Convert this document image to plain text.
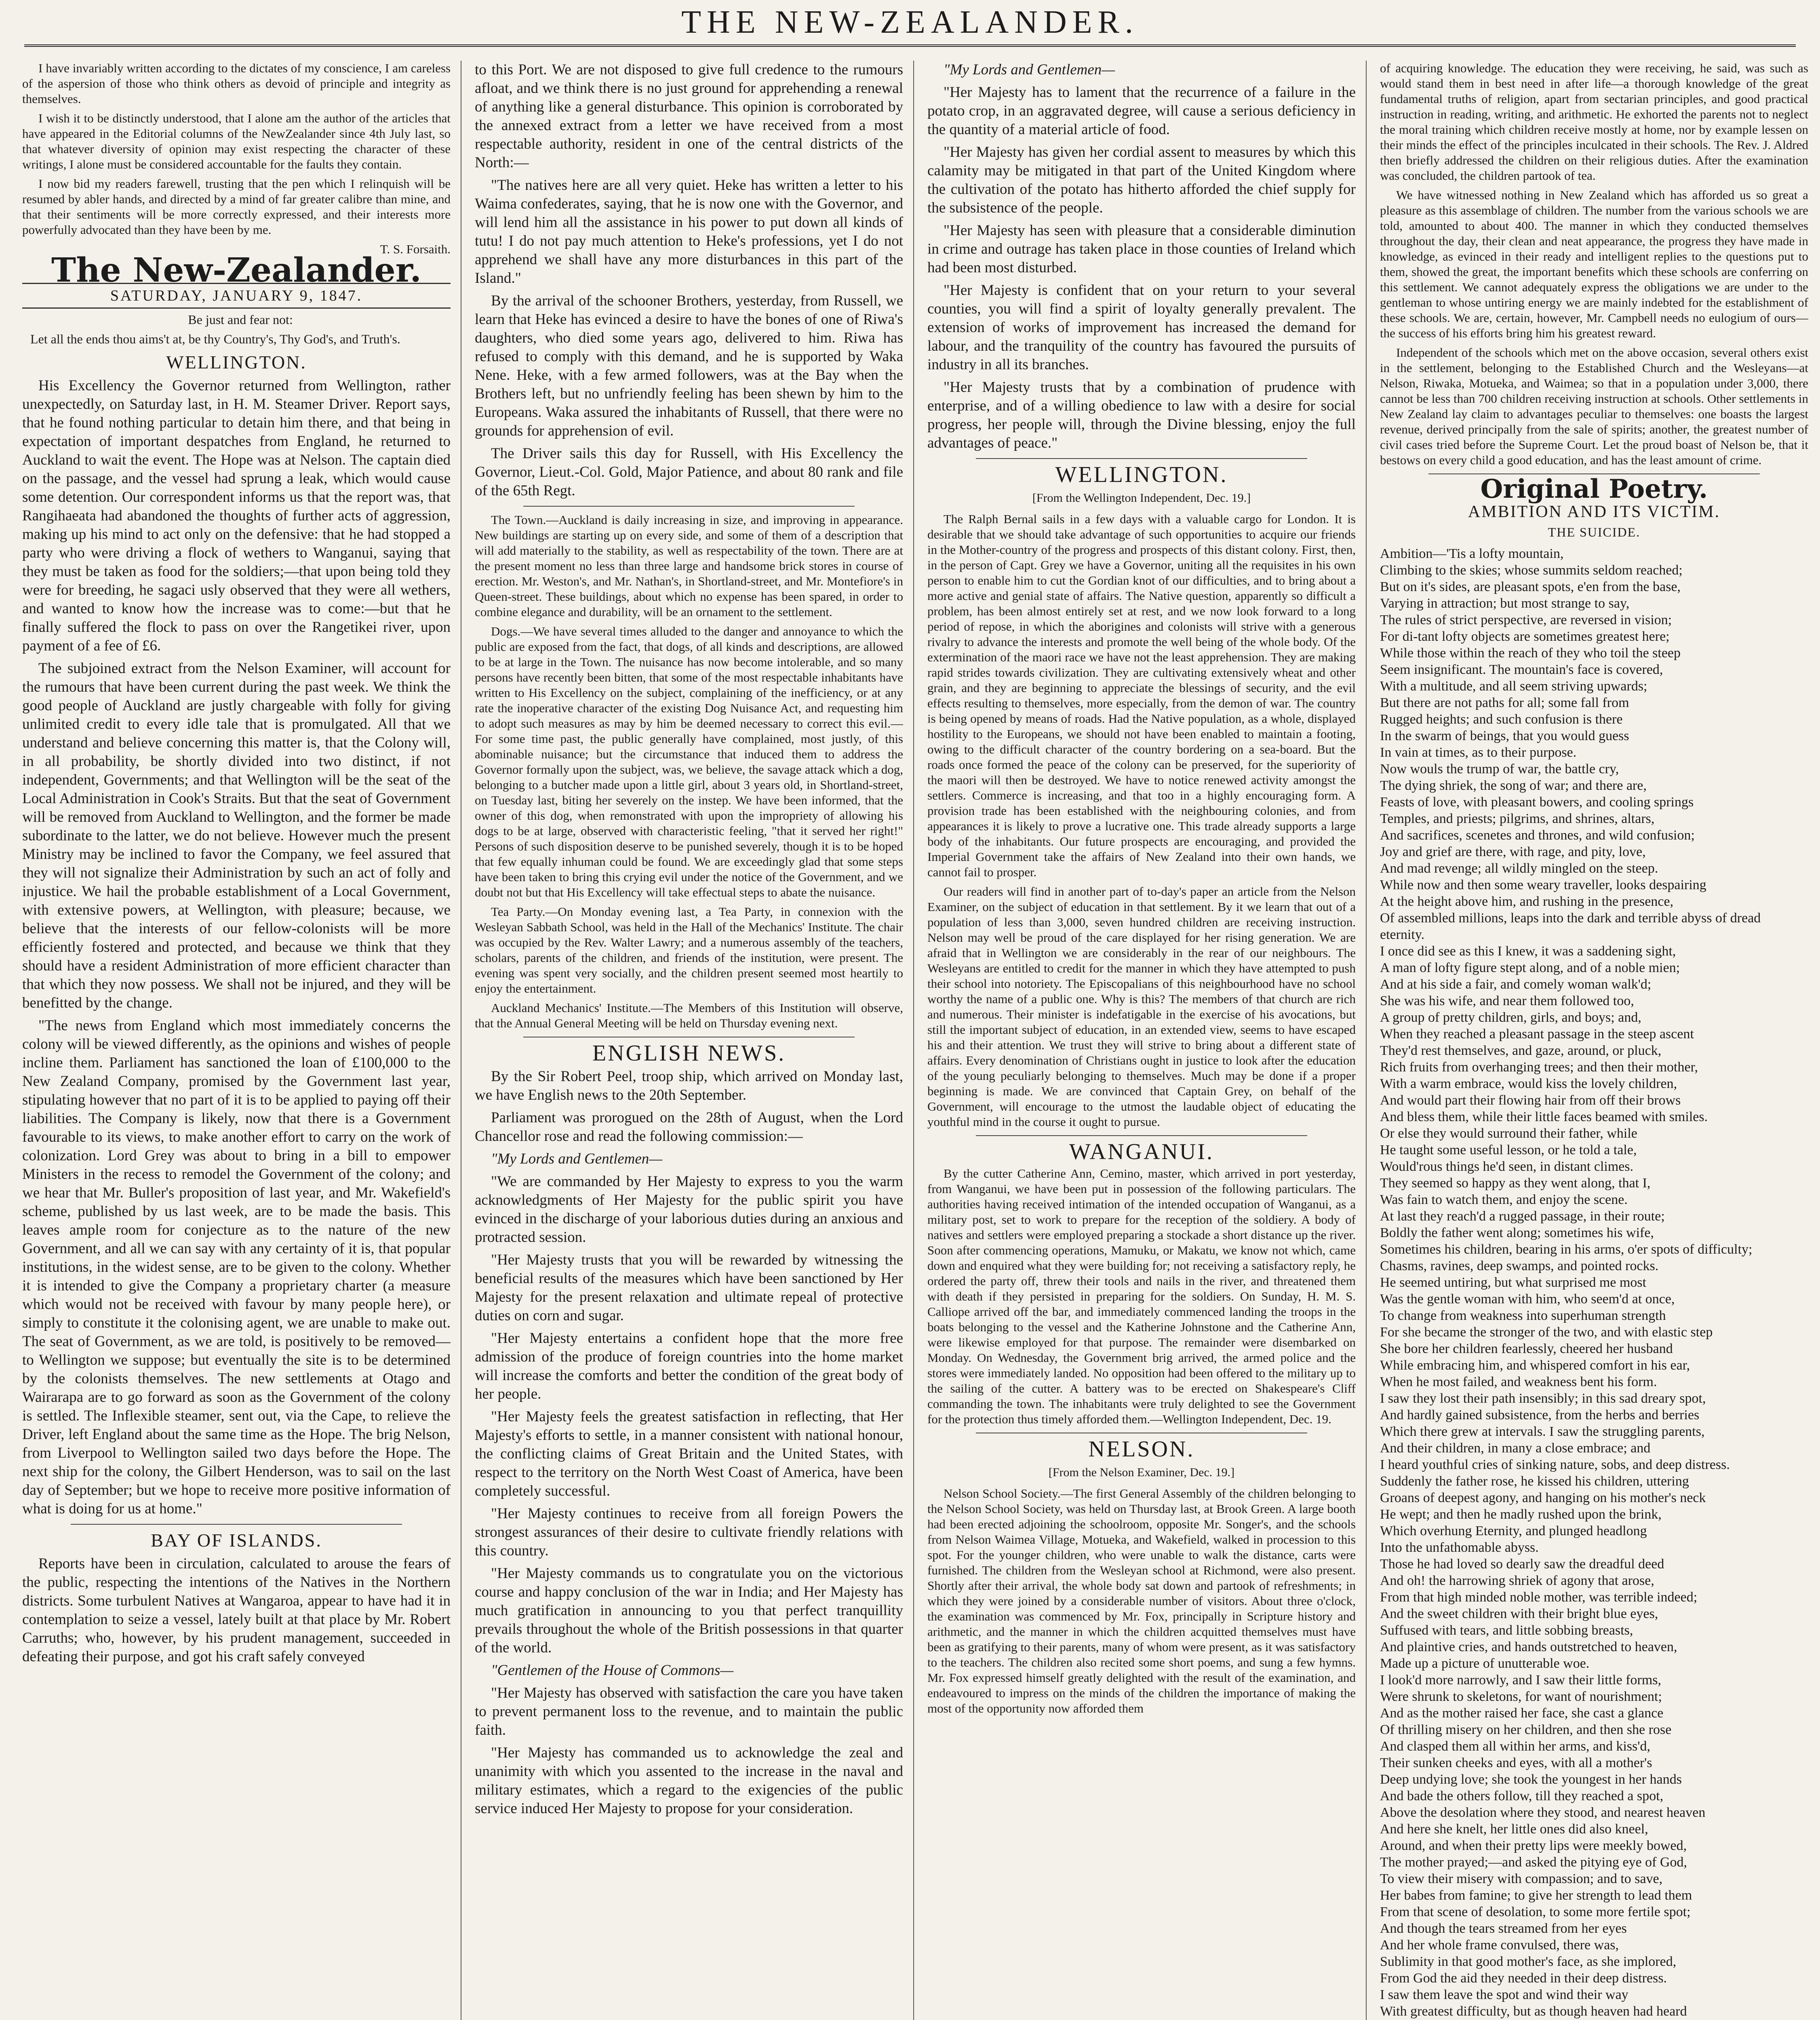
THE NEW-ZEALANDER.

I have invariably written according to the dictates of my conscience, I am careless of the aspersion of those who think others as devoid of principle and integrity as themselves.

I wish it to be distinctly understood, that I alone am the author of the articles that have appeared in the Editorial columns of the NewZealander since 4th July last, so that whatever diversity of opinion may exist respecting the character of these writings, I alone must be considered accountable for the faults they contain.

I now bid my readers farewell, trusting that the pen which I relinquish will be resumed by abler hands, and directed by a mind of far greater calibre than mine, and that their sentiments will be more correctly expressed, and their interests more powerfully advocated than they have been by me.

T. S. Forsaith.

The New-Zealander.
SATURDAY, JANUARY 9, 1847.
Be just and fear not:
Let all the ends thou aims't at, be thy Country's, Thy God's, and Truth's.
WELLINGTON.

His Excellency the Governor returned from Wellington, rather unexpectedly, on Saturday last, in H. M. Steamer Driver. Report says, that he found nothing particular to detain him there, and that being in expectation of important despatches from England, he returned to Auckland to wait the event. The Hope was at Nelson. The captain died on the passage, and the vessel had sprung a leak, which would cause some detention. Our correspondent informs us that the report was, that Rangihaeata had abandoned the thoughts of further acts of aggression, making up his mind to act only on the defensive: that he had stopped a party who were driving a flock of wethers to Wanganui, saying that they must be taken as food for the soldiers;—that upon being told they were for breeding, he sagaci usly observed that they were all wethers, and wanted to know how the increase was to come:—but that he finally suffered the flock to pass on over the Rangetikei river, upon payment of a fee of £6.

The subjoined extract from the Nelson Examiner, will account for the rumours that have been current during the past week. We think the good people of Auckland are justly chargeable with folly for giving unlimited credit to every idle tale that is promulgated. All that we understand and believe concerning this matter is, that the Colony will, in all probability, be shortly divided into two distinct, if not independent, Governments; and that Wellington will be the seat of the Local Administration in Cook's Straits. But that the seat of Government will be removed from Auckland to Wellington, and the former be made subordinate to the latter, we do not believe. However much the present Ministry may be inclined to favor the Company, we feel assured that they will not signalize their Administration by such an act of folly and injustice. We hail the probable establishment of a Local Government, with extensive powers, at Wellington, with pleasure; because, we believe that the interests of our fellow-colonists will be more efficiently fostered and protected, and because we think that they should have a resident Administration of more efficient character than that which they now possess. We shall not be injured, and they will be benefitted by the change.

"The news from England which most immediately concerns the colony will be viewed differently, as the opinions and wishes of people incline them. Parliament has sanctioned the loan of £100,000 to the New Zealand Company, promised by the Government last year, stipulating however that no part of it is to be applied to paying off their liabilities. The Company is likely, now that there is a Government favourable to its views, to make another effort to carry on the work of colonization. Lord Grey was about to bring in a bill to empower Ministers in the recess to remodel the Government of the colony; and we hear that Mr. Buller's proposition of last year, and Mr. Wakefield's scheme, published by us last week, are to be made the basis. This leaves ample room for conjecture as to the nature of the new Government, and all we can say with any certainty of it is, that popular institutions, in the widest sense, are to be given to the colony. Whether it is intended to give the Company a proprietary charter (a measure which would not be received with favour by many people here), or simply to constitute it the colonising agent, we are unable to make out. The seat of Government, as we are told, is positively to be removed—to Wellington we suppose; but eventually the site is to be determined by the colonists themselves. The new settlements at Otago and Wairarapa are to go forward as soon as the Government of the colony is settled. The Inflexible steamer, sent out, via the Cape, to relieve the Driver, left England about the same time as the Hope. The brig Nelson, from Liverpool to Wellington sailed two days before the Hope. The next ship for the colony, the Gilbert Henderson, was to sail on the last day of September; but we hope to receive more positive information of what is doing for us at home."

BAY OF ISLANDS.

Reports have been in circulation, calculated to arouse the fears of the public, respecting the intentions of the Natives in the Northern districts. Some turbulent Natives at Wangaroa, appear to have had it in contemplation to seize a vessel, lately built at that place by Mr. Robert Carruths; who, however, by his prudent management, succeeded in defeating their purpose, and got his craft safely conveyed

to this Port. We are not disposed to give full credence to the rumours afloat, and we think there is no just ground for apprehending a renewal of anything like a general disturbance. This opinion is corroborated by the annexed extract from a letter we have received from a most respectable authority, resident in one of the central districts of the North:—

"The natives here are all very quiet. Heke has written a letter to his Waima confederates, saying, that he is now one with the Governor, and will lend him all the assistance in his power to put down all kinds of tutu! I do not pay much attention to Heke's professions, yet I do not apprehend we shall have any more disturbances in this part of the Island."

By the arrival of the schooner Brothers, yesterday, from Russell, we learn that Heke has evinced a desire to have the bones of one of Riwa's daughters, who died some years ago, delivered to him. Riwa has refused to comply with this demand, and he is supported by Waka Nene. Heke, with a few armed followers, was at the Bay when the Brothers left, but no unfriendly feeling has been shewn by him to the Europeans. Waka assured the inhabitants of Russell, that there were no grounds for apprehension of evil.

The Driver sails this day for Russell, with His Excellency the Governor, Lieut.-Col. Gold, Major Patience, and about 80 rank and file of the 65th Regt.

The Town.—Auckland is daily increasing in size, and improving in appearance. New buildings are starting up on every side, and some of them of a description that will add materially to the stability, as well as respectability of the town. There are at the present moment no less than three large and handsome brick stores in course of erection. Mr. Weston's, and Mr. Nathan's, in Shortland-street, and Mr. Montefiore's in Queen-street. These buildings, about which no expense has been spared, in order to combine elegance and durability, will be an ornament to the settlement.

Dogs.—We have several times alluded to the danger and annoyance to which the public are exposed from the fact, that dogs, of all kinds and descriptions, are allowed to be at large in the Town. The nuisance has now become intolerable, and so many persons have recently been bitten, that some of the most respectable inhabitants have written to His Excellency on the subject, complaining of the inefficiency, or at any rate the inoperative character of the existing Dog Nuisance Act, and requesting him to adopt such measures as may by him be deemed necessary to correct this evil.—For some time past, the public generally have complained, most justly, of this abominable nuisance; but the circumstance that induced them to address the Governor formally upon the subject, was, we believe, the savage attack which a dog, belonging to a butcher made upon a little girl, about 3 years old, in Shortland-street, on Tuesday last, biting her severely on the instep. We have been informed, that the owner of this dog, when remonstrated with upon the impropriety of allowing his dogs to be at large, observed with characteristic feeling, "that it served her right!" Persons of such disposition deserve to be punished severely, though it is to be hoped that few equally inhuman could be found. We are exceedingly glad that some steps have been taken to bring this crying evil under the notice of the Government, and we doubt not but that His Excellency will take effectual steps to abate the nuisance.

Tea Party.—On Monday evening last, a Tea Party, in connexion with the Wesleyan Sabbath School, was held in the Hall of the Mechanics' Institute. The chair was occupied by the Rev. Walter Lawry; and a numerous assembly of the teachers, scholars, parents of the children, and friends of the institution, were present. The evening was spent very socially, and the children present seemed most heartily to enjoy the entertainment.

Auckland Mechanics' Institute.—The Members of this Institution will observe, that the Annual General Meeting will be held on Thursday evening next.

ENGLISH NEWS.

By the Sir Robert Peel, troop ship, which arrived on Monday last, we have English news to the 20th September.

Parliament was prorogued on the 28th of August, when the Lord Chancellor rose and read the following commission:—

"My Lords and Gentlemen—

"We are commanded by Her Majesty to express to you the warm acknowledgments of Her Majesty for the public spirit you have evinced in the discharge of your laborious duties during an anxious and protracted session.

"Her Majesty trusts that you will be rewarded by witnessing the beneficial results of the measures which have been sanctioned by Her Majesty for the present relaxation and ultimate repeal of protective duties on corn and sugar.

"Her Majesty entertains a confident hope that the more free admission of the produce of foreign countries into the home market will increase the comforts and better the condition of the great body of her people.

"Her Majesty feels the greatest satisfaction in reflecting, that Her Majesty's efforts to settle, in a manner consistent with national honour, the conflicting claims of Great Britain and the United States, with respect to the territory on the North West Coast of America, have been completely successful.

"Her Majesty continues to receive from all foreign Powers the strongest assurances of their desire to cultivate friendly relations with this country.

"Her Majesty commands us to congratulate you on the victorious course and happy conclusion of the war in India; and Her Majesty has much gratification in announcing to you that perfect tranquillity prevails throughout the whole of the British possessions in that quarter of the world.

"Gentlemen of the House of Commons—

"Her Majesty has observed with satisfaction the care you have taken to prevent permanent loss to the revenue, and to maintain the public faith.

"Her Majesty has commanded us to acknowledge the zeal and unanimity with which you assented to the increase in the naval and military estimates, which a regard to the exigencies of the public service induced Her Majesty to propose for your consideration.

"My Lords and Gentlemen—

"Her Majesty has to lament that the recurrence of a failure in the potato crop, in an aggravated degree, will cause a serious deficiency in the quantity of a material article of food.

"Her Majesty has given her cordial assent to measures by which this calamity may be mitigated in that part of the United Kingdom where the cultivation of the potato has hitherto afforded the chief supply for the subsistence of the people.

"Her Majesty has seen with pleasure that a considerable diminution in crime and outrage has taken place in those counties of Ireland which had been most disturbed.

"Her Majesty is confident that on your return to your several counties, you will find a spirit of loyalty generally prevalent. The extension of works of improvement has increased the demand for labour, and the tranquility of the country has favoured the pursuits of industry in all its branches.

"Her Majesty trusts that by a combination of prudence with enterprise, and of a willing obedience to law with a desire for social progress, her people will, through the Divine blessing, enjoy the full advantages of peace."

WELLINGTON.
[From the Wellington Independent, Dec. 19.]

The Ralph Bernal sails in a few days with a valuable cargo for London. It is desirable that we should take advantage of such opportunities to acquire our friends in the Mother-country of the progress and prospects of this distant colony. First, then, in the person of Capt. Grey we have a Governor, uniting all the requisites in his own person to enable him to cut the Gordian knot of our difficulties, and to bring about a more active and genial state of affairs. The Native question, apparently so difficult a problem, has been almost entirely set at rest, and we now look forward to a long period of repose, in which the aborigines and colonists will strive with a generous rivalry to advance the interests and promote the well being of the whole body. Of the extermination of the maori race we have not the least apprehension. They are making rapid strides towards civilization. They are cultivating extensively wheat and other grain, and they are beginning to appreciate the blessings of security, and the evil effects resulting to themselves, more especially, from the demon of war. The country is being opened by means of roads. Had the Native population, as a whole, displayed hostility to the Europeans, we should not have been enabled to maintain a footing, owing to the difficult character of the country bordering on a sea-board. But the roads once formed the peace of the colony can be preserved, for the superiority of the maori will then be destroyed. We have to notice renewed activity amongst the settlers. Commerce is increasing, and that too in a highly encouraging form. A provision trade has been established with the neighbouring colonies, and from appearances it is likely to prove a lucrative one. This trade already supports a large body of the inhabitants. Our future prospects are encouraging, and provided the Imperial Government take the affairs of New Zealand into their own hands, we cannot fail to prosper.

Our readers will find in another part of to-day's paper an article from the Nelson Examiner, on the subject of education in that settlement. By it we learn that out of a population of less than 3,000, seven hundred children are receiving instruction. Nelson may well be proud of the care displayed for her rising generation. We are afraid that in Wellington we are considerably in the rear of our neighbours. The Wesleyans are entitled to credit for the manner in which they have attempted to push their school into notoriety. The Episcopalians of this neighbourhood have no school worthy the name of a public one. Why is this? The members of that church are rich and numerous. Their minister is indefatigable in the exercise of his avocations, but still the important subject of education, in an extended view, seems to have escaped his and their attention. We trust they will strive to bring about a different state of affairs. Every denomination of Christians ought in justice to look after the education of the young peculiarly belonging to themselves. Much may be done if a proper beginning is made. We are convinced that Captain Grey, on behalf of the Government, will encourage to the utmost the laudable object of educating the youthful mind in the course it ought to pursue.

WANGANUI.

By the cutter Catherine Ann, Cemino, master, which arrived in port yesterday, from Wanganui, we have been put in possession of the following particulars. The authorities having received intimation of the intended occupation of Wanganui, as a military post, set to work to prepare for the reception of the soldiery. A body of natives and settlers were employed preparing a stockade a short distance up the river. Soon after commencing operations, Mamuku, or Makatu, we know not which, came down and enquired what they were building for; not receiving a satisfactory reply, he ordered the party off, threw their tools and nails in the river, and threatened them with death if they persisted in preparing for the soldiers. On Sunday, H. M. S. Calliope arrived off the bar, and immediately commenced landing the troops in the boats belonging to the vessel and the Katherine Johnstone and the Catherine Ann, were likewise employed for that purpose. The remainder were disembarked on Monday. On Wednesday, the Government brig arrived, the armed police and the stores were immediately landed. No opposition had been offered to the military up to the sailing of the cutter. A battery was to be erected on Shakespeare's Cliff commanding the town. The inhabitants were truly delighted to see the Government for the protection thus timely afforded them.—Wellington Independent, Dec. 19.

NELSON.
[From the Nelson Examiner, Dec. 19.]

Nelson School Society.—The first General Assembly of the children belonging to the Nelson School Society, was held on Thursday last, at Brook Green. A large booth had been erected adjoining the schoolroom, opposite Mr. Songer's, and the schools from Nelson Waimea Village, Motueka, and Wakefield, walked in procession to this spot. For the younger children, who were unable to walk the distance, carts were furnished. The children from the Wesleyan school at Richmond, were also present. Shortly after their arrival, the whole body sat down and partook of refreshments; in which they were joined by a considerable number of visitors. About three o'clock, the examination was commenced by Mr. Fox, principally in Scripture history and arithmetic, and the manner in which the children acquitted themselves must have been as gratifying to their parents, many of whom were present, as it was satisfactory to the teachers. The children also recited some short poems, and sung a few hymns. Mr. Fox expressed himself greatly delighted with the result of the examination, and endeavoured to impress on the minds of the children the importance of making the most of the opportunity now afforded them

of acquiring knowledge. The education they were receiving, he said, was such as would stand them in best need in after life—a thorough knowledge of the great fundamental truths of religion, apart from sectarian principles, and good practical instruction in reading, writing, and arithmetic. He exhorted the parents not to neglect the moral training which children receive mostly at home, nor by example lessen on their minds the effect of the principles inculcated in their schools. The Rev. J. Aldred then briefly addressed the children on their religious duties. After the examination was concluded, the children partook of tea.

We have witnessed nothing in New Zealand which has afforded us so great a pleasure as this assemblage of children. The number from the various schools we are told, amounted to about 400. The manner in which they conducted themselves throughout the day, their clean and neat appearance, the progress they have made in knowledge, as evinced in their ready and intelligent replies to the questions put to them, showed the great, the important benefits which these schools are conferring on this settlement. We cannot adequately express the obligations we are under to the gentleman to whose untiring energy we are mainly indebted for the establishment of these schools. We are, certain, however, Mr. Campbell needs no eulogium of ours—the success of his efforts bring him his greatest reward.

Independent of the schools which met on the above occasion, several others exist in the settlement, belonging to the Established Church and the Wesleyans—at Nelson, Riwaka, Motueka, and Waimea; so that in a population under 3,000, there cannot be less than 700 children receiving instruction at schools. Other settlements in New Zealand lay claim to advantages peculiar to themselves: one boasts the largest revenue, derived principally from the sale of spirits; another, the greatest number of civil cases tried before the Supreme Court. Let the proud boast of Nelson be, that it bestows on every child a good education, and has the least amount of crime.

Original Poetry.
AMBITION AND ITS VICTIM.
THE SUICIDE.

Ambition—'Tis a lofty mountain,

Climbing to the skies; whose summits seldom reached;

But on it's sides, are pleasant spots, e'en from the base,

Varying in attraction; but most strange to say,

The rules of strict perspective, are reversed in vision;

For di-tant lofty objects are sometimes greatest here;

While those within the reach of they who toil the steep

Seem insignificant. The mountain's face is covered,

With a multitude, and all seem striving upwards;

But there are not paths for all; some fall from

Rugged heights; and such confusion is there

In the swarm of beings, that you would guess

In vain at times, as to their purpose.

Now wouls the trump of war, the battle cry,

The dying shriek, the song of war; and there are,

Feasts of love, with pleasant bowers, and cooling springs

Temples, and priests; pilgrims, and shrines, altars,

And sacrifices, scenetes and thrones, and wild confusion;

Joy and grief are there, with rage, and pity, love,

And mad revenge; all wildly mingled on the steep.

While now and then some weary traveller, looks despairing

At the height above him, and rushing in the presence,

Of assembled millions, leaps into the dark and terrible abyss of dread eternity.

I once did see as this I knew, it was a saddening sight,

A man of lofty figure stept along, and of a noble mien;

And at his side a fair, and comely woman walk'd;

She was his wife, and near them followed too,

A group of pretty children, girls, and boys; and,

When they reached a pleasant passage in the steep ascent

They'd rest themselves, and gaze, around, or pluck,

Rich fruits from overhanging trees; and then their mother,

With a warm embrace, would kiss the lovely children,

And would part their flowing hair from off their brows

And bless them, while their little faces beamed with smiles.

Or else they would surround their father, while

He taught some useful lesson, or he told a tale,

Would'rous things he'd seen, in distant climes.

They seemed so happy as they went along, that I,

Was fain to watch them, and enjoy the scene.

At last they reach'd a rugged passage, in their route;

Boldly the father went along; sometimes his wife,

Sometimes his children, bearing in his arms, o'er spots of difficulty;

Chasms, ravines, deep swamps, and pointed rocks.

He seemed untiring, but what surprised me most

Was the gentle woman with him, who seem'd at once,

To change from weakness into superhuman strength

For she became the stronger of the two, and with elastic step

She bore her children fearlessly, cheered her husband

While embracing him, and whispered comfort in his ear,

When he most failed, and weakness bent his form.

I saw they lost their path insensibly; in this sad dreary spot,

And hardly gained subsistence, from the herbs and berries

Which there grew at intervals. I saw the struggling parents,

And their children, in many a close embrace; and

I heard youthful cries of sinking nature, sobs, and deep distress.

Suddenly the father rose, he kissed his children, uttering

Groans of deepest agony, and hanging on his mother's neck

He wept; and then he madly rushed upon the brink,

Which overhung Eternity, and plunged headlong

Into the unfathomable abyss.

Those he had loved so dearly saw the dreadful deed

And oh! the harrowing shriek of agony that arose,

From that high minded noble mother, was terrible indeed;

And the sweet children with their bright blue eyes,

Suffused with tears, and little sobbing breasts,

And plaintive cries, and hands outstretched to heaven,

Made up a picture of unutterable woe.

I look'd more narrowly, and I saw their little forms,

Were shrunk to skeletons, for want of nourishment;

And as the mother raised her face, she cast a glance

Of thrilling misery on her children, and then she rose

And clasped them all within her arms, and kiss'd,

Their sunken cheeks and eyes, with all a mother's

Deep undying love; she took the youngest in her hands

And bade the others follow, till they reached a spot,

Above the desolation where they stood, and nearest heaven

And here she knelt, her little ones did also kneel,

Around, and when their pretty lips were meekly bowed,

The mother prayed;—and asked the pitying eye of God,

To view their misery with compassion; and to save,

Her babes from famine; to give her strength to lead them

From that scene of desolation, to some more fertile spot;

And though the tears streamed from her eyes

And her whole frame convulsed, there was,

Sublimity in that good mother's face, as she implored,

From God the aid they needed in their deep distress.

I saw them leave the spot and wind their way

With greatest difficulty, but as though heaven had heard
